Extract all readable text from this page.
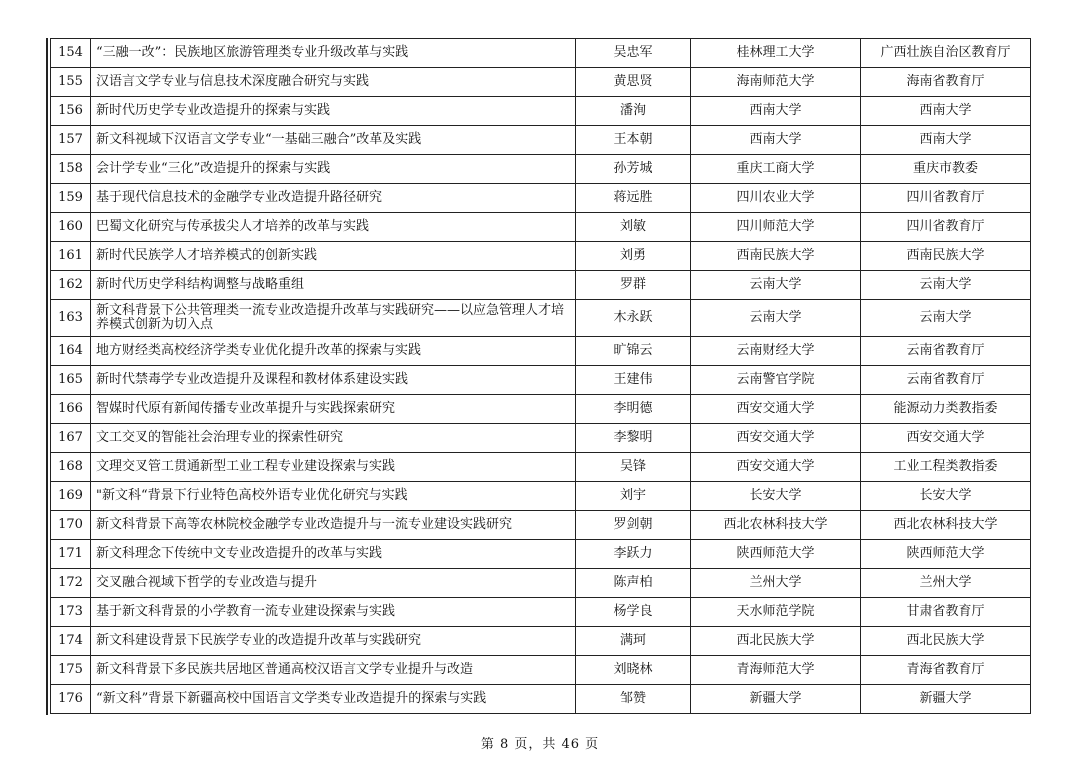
154	“三融一改”：民族地区旅游管理类专业升级改革与实践	吴忠军	桂林理工大学	广西壮族自治区教育厅
155	汉语言文学专业与信息技术深度融合研究与实践	黄思贤	海南师范大学	海南省教育厅
156	新时代历史学专业改造提升的探索与实践	潘洵	西南大学	西南大学
157	新文科视域下汉语言文学专业“一基础三融合”改革及实践	王本朝	西南大学	西南大学
158	会计学专业“三化”改造提升的探索与实践	孙芳城	重庆工商大学	重庆市教委
159	基于现代信息技术的金融学专业改造提升路径研究	蒋远胜	四川农业大学	四川省教育厅
160	巴蜀文化研究与传承拔尖人才培养的改革与实践	刘敏	四川师范大学	四川省教育厅
161	新时代民族学人才培养模式的创新实践	刘勇	西南民族大学	西南民族大学
162	新时代历史学科结构调整与战略重组	罗群	云南大学	云南大学
163	新文科背景下公共管理类一流专业改造提升改革与实践研究——以应急管理人才培养模式创新为切入点	木永跃	云南大学	云南大学
164	地方财经类高校经济学类专业优化提升改革的探索与实践	旷锦云	云南财经大学	云南省教育厅
165	新时代禁毒学专业改造提升及课程和教材体系建设实践	王建伟	云南警官学院	云南省教育厅
166	智媒时代原有新闻传播专业改革提升与实践探索研究	李明德	西安交通大学	能源动力类教指委
167	文工交叉的智能社会治理专业的探索性研究	李黎明	西安交通大学	西安交通大学
168	文理交叉管工贯通新型工业工程专业建设探索与实践	吴锋	西安交通大学	工业工程类教指委
169	"新文科“背景下行业特色高校外语专业优化研究与实践	刘宇	长安大学	长安大学
170	新文科背景下高等农林院校金融学专业改造提升与一流专业建设实践研究	罗剑朝	西北农林科技大学	西北农林科技大学
171	新文科理念下传统中文专业改造提升的改革与实践	李跃力	陕西师范大学	陕西师范大学
172	交叉融合视域下哲学的专业改造与提升	陈声柏	兰州大学	兰州大学
173	基于新文科背景的小学教育一流专业建设探索与实践	杨学良	天水师范学院	甘肃省教育厅
174	新文科建设背景下民族学专业的改造提升改革与实践研究	满珂	西北民族大学	西北民族大学
175	新文科背景下多民族共居地区普通高校汉语言文学专业提升与改造	刘晓林	青海师范大学	青海省教育厅
176	“新文科”背景下新疆高校中国语言文学类专业改造提升的探索与实践	邹赞	新疆大学	新疆大学
第 8 页，共 46 页
